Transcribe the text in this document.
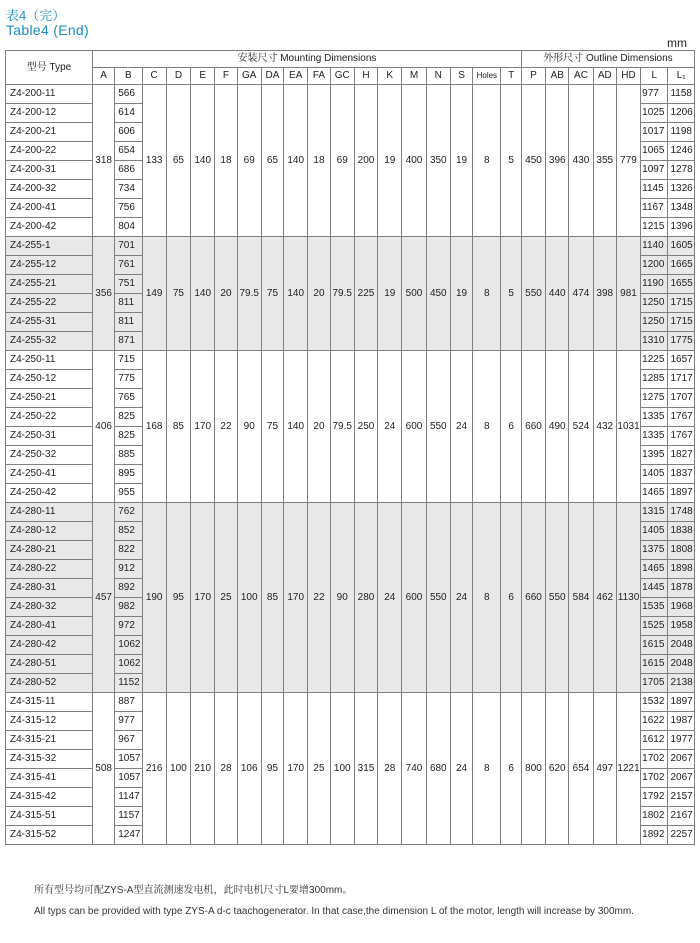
表4（完）
Table4 (End)
mm
型号 Type	安装尺寸 Mounting Dimensions																		外形尺寸 Outline Dimensions						
	A	B	C	D	E	F	GA	DA	EA	FA	GC	H	K	M	N	S	Holes	T	P	AB	AC	AD	HD	L	L₁
Z4-200-11	318	566	133	65	140	18	69	65	140	18	69	200	19	400	350	19	8	5	450	396	430	355	779	977	1158
Z4-200-12		614																						1025	1206
Z4-200-21		606																						1017	1198
Z4-200-22		654																						1065	1246
Z4-200-31		686																						1097	1278
Z4-200-32		734																						1145	1326
Z4-200-41		756																						1167	1348
Z4-200-42		804																						1215	1396
Z4-255-1	356	701	149	75	140	20	79.5	75	140	20	79.5	225	19	500	450	19	8	5	550	440	474	398	981	1140	1605
Z4-255-12		761																						1200	1665
Z4-255-21		751																						1190	1655
Z4-255-22		811																						1250	1715
Z4-255-31		811																						1250	1715
Z4-255-32		871																						1310	1775
Z4-250-11	406	715	168	85	170	22	90	75	140	20	79.5	250	24	600	550	24	8	6	660	490	524	432	1031	1225	1657
Z4-250-12		775																						1285	1717
Z4-250-21		765																						1275	1707
Z4-250-22		825																						1335	1767
Z4-250-31		825																						1335	1767
Z4-250-32		885																						1395	1827
Z4-250-41		895																						1405	1837
Z4-250-42		955																						1465	1897
Z4-280-11	457	762	190	95	170	25	100	85	170	22	90	280	24	600	550	24	8	6	660	550	584	462	1130	1315	1748
Z4-280-12		852																						1405	1838
Z4-280-21		822																						1375	1808
Z4-280-22		912																						1465	1898
Z4-280-31		892																						1445	1878
Z4-280-32		982																						1535	1968
Z4-280-41		972																						1525	1958
Z4-280-42		1062																						1615	2048
Z4-280-51		1062																						1615	2048
Z4-280-52		1152																						1705	2138
Z4-315-11	508	887	216	100	210	28	106	95	170	25	100	315	28	740	680	24	8	6	800	620	654	497	1221	1532	1897
Z4-315-12		977																						1622	1987
Z4-315-21		967																						1612	1977
Z4-315-32		1057																						1702	2067
Z4-315-41		1057																						1702	2067
Z4-315-42		1147																						1792	2157
Z4-315-51		1157																						1802	2167
Z4-315-52		1247																						1892	2257
所有型号均可配ZYS-A型直流测速发电机，此时电机尺寸L要增300mm。
All typs can be provided with type ZYS-A d-c taachogenerator. In that case,the dimension L of the motor, length will increase by 300mm.
